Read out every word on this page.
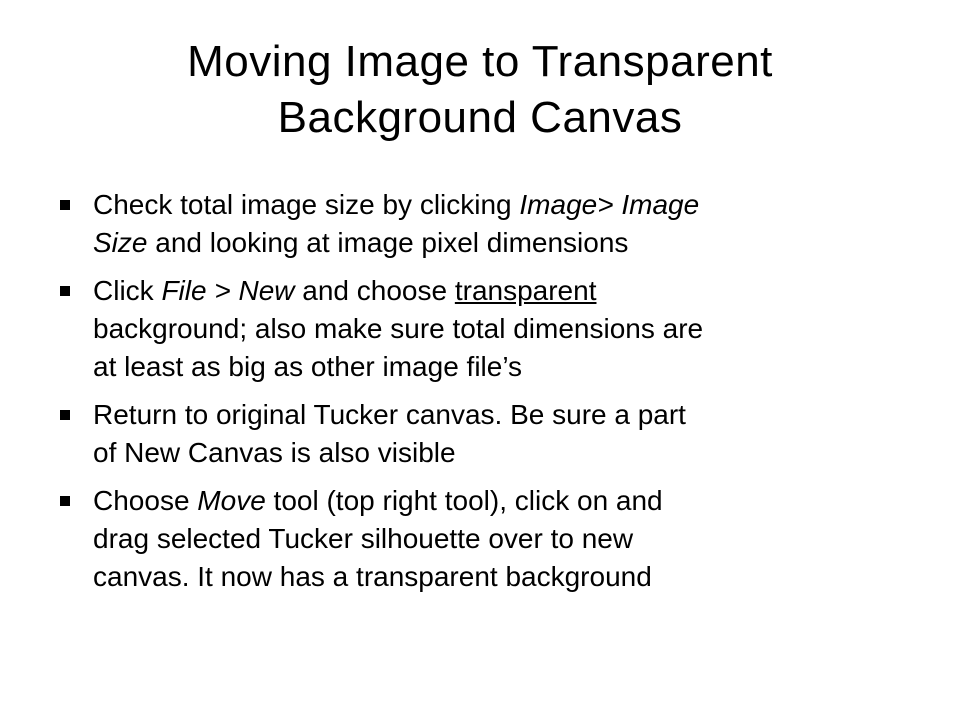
Moving Image to Transparent
Background Canvas
Check total image size by clicking Image> Image
Size and looking at image pixel dimensions
Click File > New and choose transparent
background; also make sure total dimensions are
at least as big as other image file’s
Return to original Tucker canvas. Be sure a part
of New Canvas is also visible
Choose Move tool (top right tool), click on and
drag selected Tucker silhouette over to new
canvas. It now has a transparent background
